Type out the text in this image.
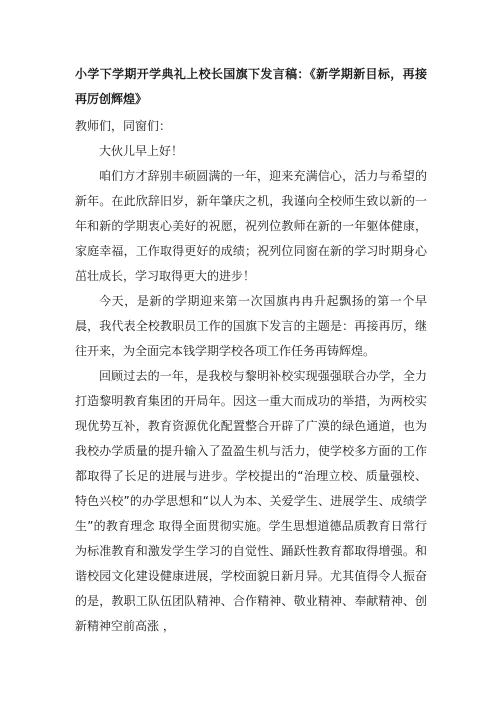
小学下学期开学典礼上校长国旗下发言稿：《新学期新目标，再接再厉创辉煌》

教师们，同窗们：

大伙儿早上好！

咱们方才辞别丰硕圆满的一年，迎来充满信心，活力与希望的新年。在此欣辞旧岁，新年肇庆之机，我谨向全校师生致以新的一年和新的学期衷心美好的祝愿，祝列位教师在新的一年躯体健康，家庭幸福，工作取得更好的成绩；祝列位同窗在新的学习时期身心茁壮成长，学习取得更大的进步！

今天，是新的学期迎来第一次国旗冉冉升起飘扬的第一个早晨，我代表全校教职员工作的国旗下发言的主题是：再接再厉，继往开来，为全面完本钱学期学校各项工作任务再铸辉煌。

回顾过去的一年，是我校与黎明补校实现强强联合办学，全力打造黎明教育集团的开局年。因这一重大而成功的举措，为两校实现优势互补，教育资源优化配置整合开辟了广漠的绿色通道，也为我校办学质量的提升输入了盈盈生机与活力，使学校多方面的工作都取得了长足的进展与进步。学校提出的“治理立校、质量强校、特色兴校”的办学思想和“以人为本、关爱学生、进展学生、成绩学生”的教育理念 取得全面贯彻实施。学生思想道德品质教育日常行为标准教育和激发学生学习的自觉性、踊跃性教育都取得增强。和谐校园文化建设健康进展，学校面貌日新月异。尤其值得令人振奋的是，教职工队伍团队精神、合作精神、敬业精神、奉献精神、创新精神空前高涨 ，
